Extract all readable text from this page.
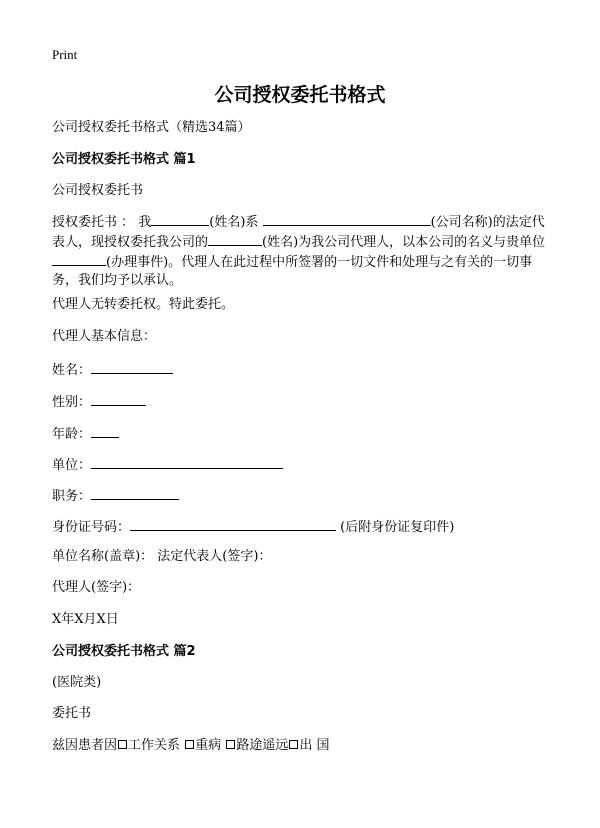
Print
公司授权委托书格式
公司授权委托书格式（精选34篇）
公司授权委托书格式 篇1
公司授权委托书
授权委托书 ： 我	(姓名)系	(公司名称)的法定代表人，现授权委托我公司的	(姓名)为我公司代理人，以本公司的名义与贵单位(办理事件)。代理人在此过程中所签署的一切文件和处理与之有关的一切事务，我们均予以承认。
代理人无转委托权。特此委托。
代理人基本信息：
姓名：
性别：
年龄：
单位：
职务：
身份证号码：	(后附身份证复印件)
单位名称(盖章)： 法定代表人(签字)：
代理人(签字)：
X年X月X日
公司授权委托书格式 篇2
(医院类)
委托书
兹因患者因 工作关系 重病 路途遥远 出 国
